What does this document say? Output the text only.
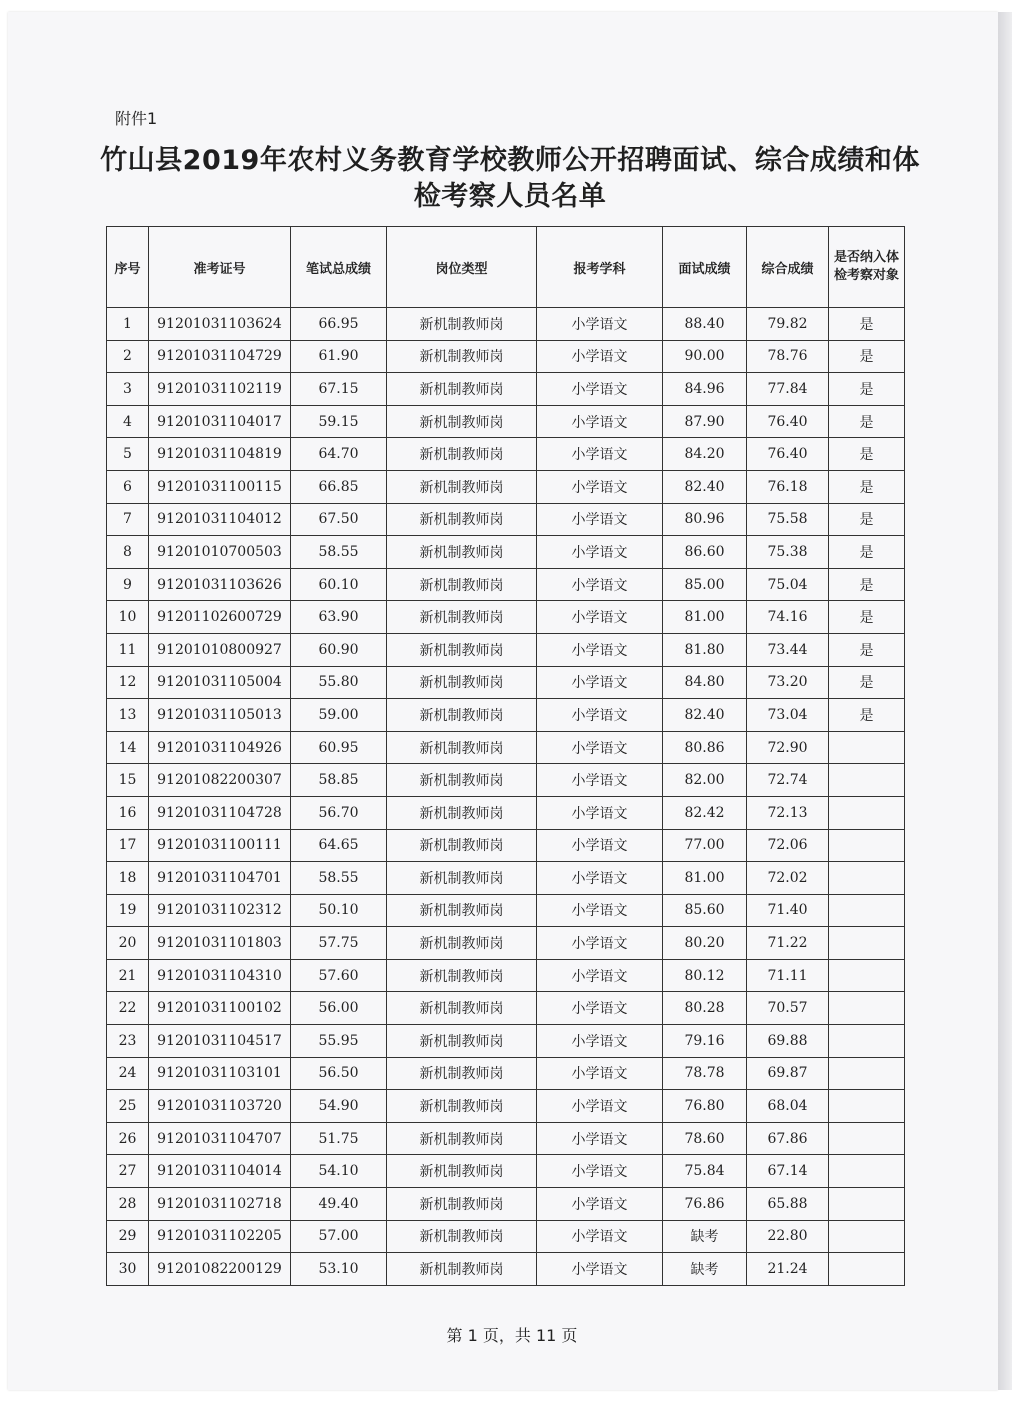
附件1
竹山县2019年农村义务教育学校教师公开招聘面试、综合成绩和体检考察人员名单
序号	准考证号	笔试总成绩	岗位类型	报考学科	面试成绩	综合成绩	是否纳入体检考察对象
1	91201031103624	66.95	新机制教师岗	小学语文	88.40	79.82	是
2	91201031104729	61.90	新机制教师岗	小学语文	90.00	78.76	是
3	91201031102119	67.15	新机制教师岗	小学语文	84.96	77.84	是
4	91201031104017	59.15	新机制教师岗	小学语文	87.90	76.40	是
5	91201031104819	64.70	新机制教师岗	小学语文	84.20	76.40	是
6	91201031100115	66.85	新机制教师岗	小学语文	82.40	76.18	是
7	91201031104012	67.50	新机制教师岗	小学语文	80.96	75.58	是
8	91201010700503	58.55	新机制教师岗	小学语文	86.60	75.38	是
9	91201031103626	60.10	新机制教师岗	小学语文	85.00	75.04	是
10	91201102600729	63.90	新机制教师岗	小学语文	81.00	74.16	是
11	91201010800927	60.90	新机制教师岗	小学语文	81.80	73.44	是
12	91201031105004	55.80	新机制教师岗	小学语文	84.80	73.20	是
13	91201031105013	59.00	新机制教师岗	小学语文	82.40	73.04	是
14	91201031104926	60.95	新机制教师岗	小学语文	80.86	72.90	
15	91201082200307	58.85	新机制教师岗	小学语文	82.00	72.74	
16	91201031104728	56.70	新机制教师岗	小学语文	82.42	72.13	
17	91201031100111	64.65	新机制教师岗	小学语文	77.00	72.06	
18	91201031104701	58.55	新机制教师岗	小学语文	81.00	72.02	
19	91201031102312	50.10	新机制教师岗	小学语文	85.60	71.40	
20	91201031101803	57.75	新机制教师岗	小学语文	80.20	71.22	
21	91201031104310	57.60	新机制教师岗	小学语文	80.12	71.11	
22	91201031100102	56.00	新机制教师岗	小学语文	80.28	70.57	
23	91201031104517	55.95	新机制教师岗	小学语文	79.16	69.88	
24	91201031103101	56.50	新机制教师岗	小学语文	78.78	69.87	
25	91201031103720	54.90	新机制教师岗	小学语文	76.80	68.04	
26	91201031104707	51.75	新机制教师岗	小学语文	78.60	67.86	
27	91201031104014	54.10	新机制教师岗	小学语文	75.84	67.14	
28	91201031102718	49.40	新机制教师岗	小学语文	76.86	65.88	
29	91201031102205	57.00	新机制教师岗	小学语文	缺考	22.80	
30	91201082200129	53.10	新机制教师岗	小学语文	缺考	21.24	
第 1 页，共 11 页
